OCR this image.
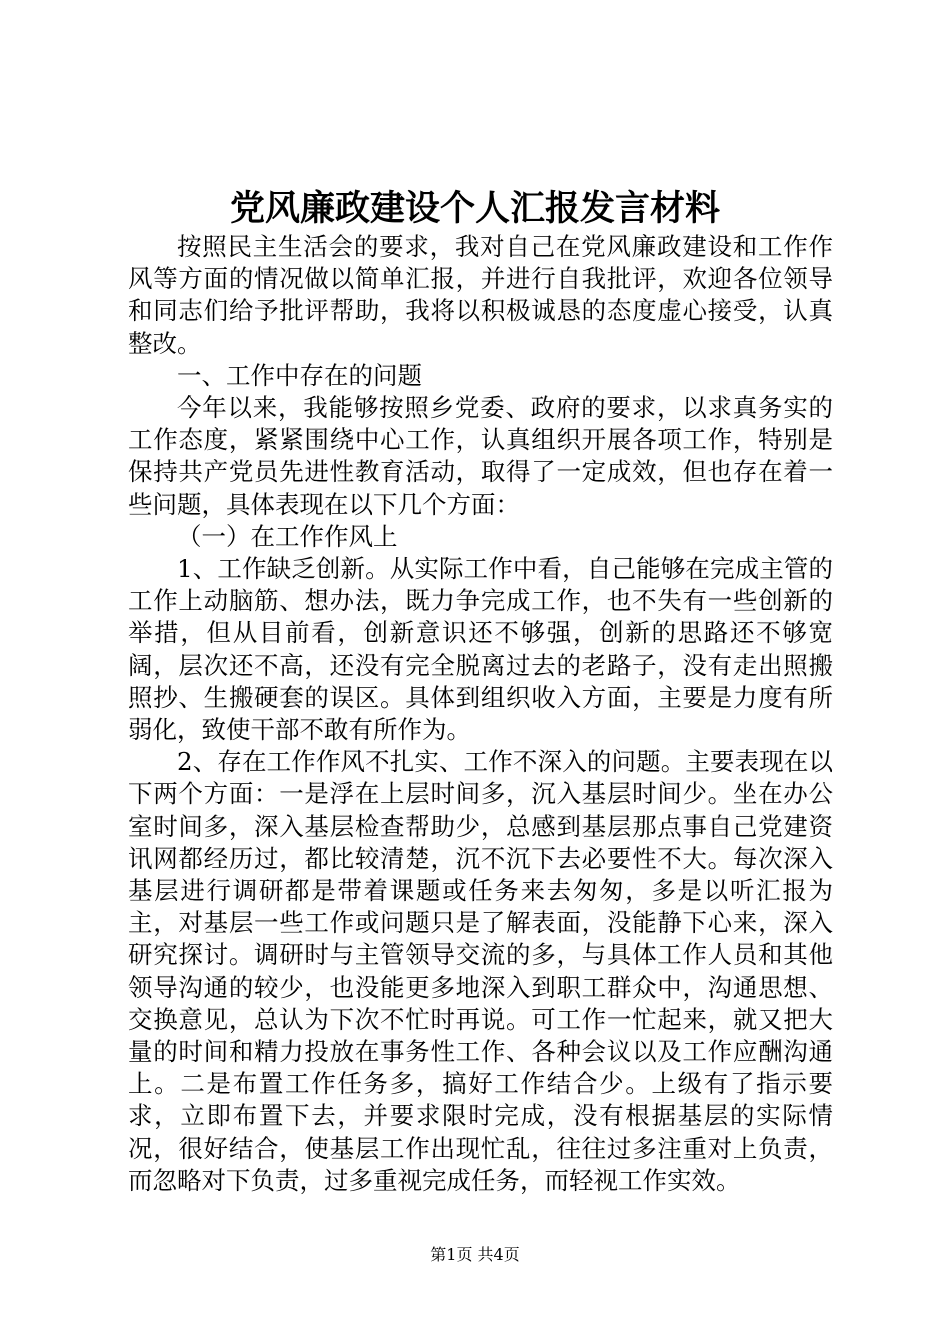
党风廉政建设个人汇报发言材料

按照民主生活会的要求，我对自己在党风廉政建设和工作作风等方面的情况做以简单汇报，并进行自我批评，欢迎各位领导和同志们给予批评帮助，我将以积极诚恳的态度虚心接受，认真整改。

一、工作中存在的问题

今年以来，我能够按照乡党委、政府的要求，以求真务实的工作态度，紧紧围绕中心工作，认真组织开展各项工作，特别是保持共产党员先进性教育活动，取得了一定成效，但也存在着一些问题，具体表现在以下几个方面：

（一）在工作作风上

1、工作缺乏创新。从实际工作中看，自己能够在完成主管的工作上动脑筋、想办法，既力争完成工作，也不失有一些创新的举措，但从目前看，创新意识还不够强，创新的思路还不够宽阔，层次还不高，还没有完全脱离过去的老路子，没有走出照搬照抄、生搬硬套的误区。具体到组织收入方面，主要是力度有所弱化，致使干部不敢有所作为。

2、存在工作作风不扎实、工作不深入的问题。主要表现在以下两个方面：一是浮在上层时间多，沉入基层时间少。坐在办公室时间多，深入基层检查帮助少，总感到基层那点事自己党建资讯网都经历过，都比较清楚，沉不沉下去必要性不大。每次深入基层进行调研都是带着课题或任务来去匆匆，多是以听汇报为主，对基层一些工作或问题只是了解表面，没能静下心来，深入研究探讨。调研时与主管领导交流的多，与具体工作人员和其他领导沟通的较少，也没能更多地深入到职工群众中，沟通思想、交换意见，总认为下次不忙时再说。可工作一忙起来，就又把大量的时间和精力投放在事务性工作、各种会议以及工作应酬沟通上。二是布置工作任务多，搞好工作结合少。上级有了指示要求，立即布置下去，并要求限时完成，没有根据基层的实际情况，很好结合，使基层工作出现忙乱，往往过多注重对上负责，而忽略对下负责，过多重视完成任务，而轻视工作实效。

第1页 共4页
